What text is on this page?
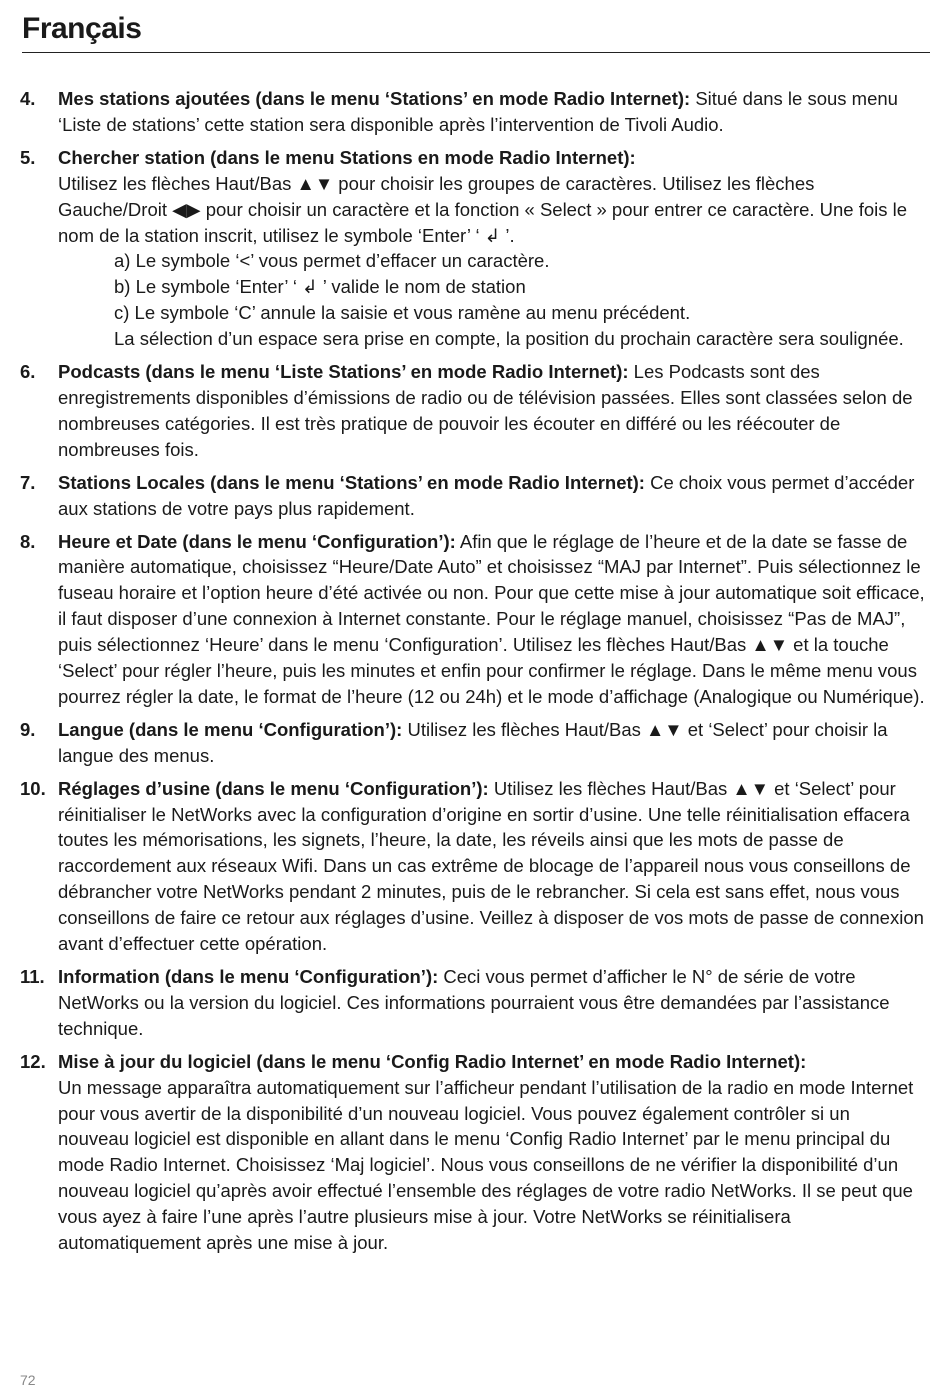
Français
4.	Mes stations ajoutées (dans le menu ‘Stations’ en mode Radio Internet): Situé dans le sous menu ‘Liste de stations’ cette station sera disponible après l’intervention de Tivoli Audio.
5.	Chercher station (dans le menu Stations en mode Radio Internet):
Utilisez les flèches Haut/Bas ▲▼ pour choisir les groupes de caractères. Utilisez les flèches Gauche/Droit ◀▶ pour choisir un caractère et la fonction « Select » pour entrer ce caractère. Une fois le nom de la station inscrit, utilisez le symbole ‘Enter’ ‘ ↲ ’.
a) Le symbole ‘<’ vous permet d’effacer un caractère.
b) Le symbole ‘Enter’ ‘ ↲ ’ valide le nom de station
c) Le symbole ‘C’ annule la saisie et vous ramène au menu précédent.
La sélection d’un espace sera prise en compte, la position du prochain caractère sera soulignée.
6.	Podcasts (dans le menu ‘Liste Stations’ en mode Radio Internet): Les Podcasts sont des enregistrements disponibles d’émissions de radio ou de télévision passées. Elles sont classées selon de nombreuses catégories. Il est très pratique de pouvoir les écouter en différé ou les réécouter de nombreuses fois.
7.	Stations Locales (dans le menu ‘Stations’ en mode Radio Internet): Ce choix vous permet d’accéder aux stations de votre pays plus rapidement.
8.	Heure et Date (dans le menu ‘Configuration’): Afin que le réglage de l’heure et de la date se fasse de manière automatique, choisissez “Heure/Date Auto” et choisissez “MAJ par Internet”. Puis sélectionnez le fuseau horaire et l’option heure d’été activée ou non. Pour que cette mise à jour automatique soit efficace, il faut disposer d’une connexion à Internet constante. Pour le réglage manuel, choisissez “Pas de MAJ”, puis sélectionnez ‘Heure’ dans le menu ‘Configuration’. Utilisez les flèches Haut/Bas ▲▼ et la touche ‘Select’ pour régler l’heure, puis les minutes et enfin pour confirmer le réglage. Dans le même menu vous pourrez régler la date, le format de l’heure (12 ou 24h) et le mode d’affichage (Analogique ou Numérique).
9.	Langue (dans le menu ‘Configuration’): Utilisez les flèches Haut/Bas ▲▼ et ‘Select’ pour choisir la langue des menus.
10. Réglages d’usine (dans le menu ‘Configuration’): Utilisez les flèches Haut/Bas ▲▼ et ‘Select’ pour réinitialiser le NetWorks avec la configuration d’origine en sortir d’usine. Une telle réinitialisation effacera toutes les mémorisations, les signets, l’heure, la date, les réveils ainsi que les mots de passe de raccordement aux réseaux Wifi. Dans un cas extrême de blocage de l’appareil nous vous conseillons de débrancher votre NetWorks pendant 2 minutes, puis de le rebrancher. Si cela est sans effet, nous vous conseillons de faire ce retour aux réglages d’usine. Veillez à disposer de vos mots de passe de connexion avant d’effectuer cette opération.
11. Information (dans le menu ‘Configuration’): Ceci vous permet d’afficher le N° de série de votre NetWorks ou la version du logiciel. Ces informations pourraient vous être demandées par l’assistance technique.
12. Mise à jour du logiciel (dans le menu ‘Config Radio Internet’ en mode Radio Internet):
Un message apparaîtra automatiquement sur l’afficheur pendant l’utilisation de la radio en mode Internet pour vous avertir de la disponibilité d’un nouveau logiciel. Vous pouvez également contrôler si un nouveau logiciel est disponible en allant dans le menu ‘Config Radio Internet’ par le menu principal du mode Radio Internet. Choisissez ‘Maj logiciel’. Nous vous conseillons de ne vérifier la disponibilité d’un nouveau logiciel qu’après avoir effectué l’ensemble des réglages de votre radio NetWorks. Il se peut que vous ayez à faire l’une après l’autre plusieurs mise à jour. Votre NetWorks se réinitialisera automatiquement après une mise à jour.
72
